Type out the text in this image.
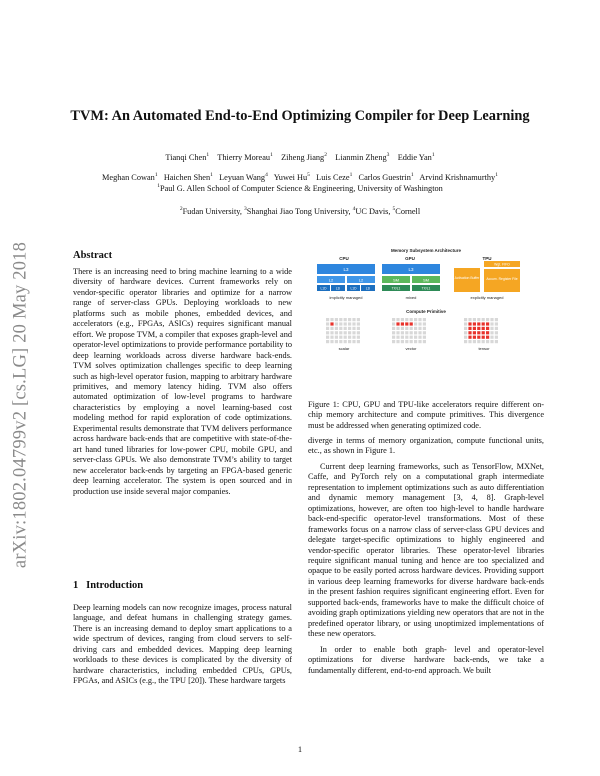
arXiv:1802.04799v2 [cs.LG] 20 May 2018
TVM: An Automated End-to-End Optimizing Compiler for Deep Learning
Tianqi Chen$^1$ Thierry Moreau$^1$ Ziheng Jiang$^2$ Lianmin Zheng$^3$ Eddie Yan$^1$
Meghan Cowan$^1$ Haichen Shen$^1$ Leyuan Wang$^4$ Yuwei Hu$^5$ Luis Ceze$^1$ Carlos Guestrin$^1$ Arvind Krishnamurthy$^1$
$^1$Paul G. Allen School of Computer Science & Engineering, University of Washington
$^2$Fudan University, $^3$Shanghai Jiao Tong University, $^4$UC Davis, $^5$Cornell
Abstract

There is an increasing need to bring machine learning to a wide diversity of hardware devices. Current frameworks rely on vendor-specific operator libraries and optimize for a narrow range of server-class GPUs. Deploying workloads to new platforms such as mobile phones, embedded devices, and accelerators (e.g., FPGAs, ASICs) requires significant manual effort. We propose TVM, a compiler that exposes graph-level and operator-level optimizations to provide performance portability to deep learning workloads across diverse hardware back-ends. TVM solves optimization challenges specific to deep learning such as high-level operator fusion, mapping to arbitrary hardware primitives, and memory latency hiding. TVM also offers automated optimization of low-level programs to hardware characteristics by employing a novel learning-based cost modeling method for rapid exploration of code optimizations. Experimental results demonstrate that TVM delivers performance across hardware back-ends that are competitive with state-of-the-art hand tuned libraries for low-power CPU, mobile GPU, and server-class GPUs. We also demonstrate TVM’s ability to target new accelerator back-ends by targeting an FPGA-based generic deep learning accelerator. The system is open sourced and in production use inside several major companies.

1 Introduction

Deep learning models can now recognize images, process natural language, and defeat humans in challenging strategy games. There is an increasing demand to deploy smart applications to a wide spectrum of devices, ranging from cloud servers to self-driving cars and embedded devices. Mapping deep learning workloads to these devices is complicated by the diversity of hardware characteristics, including embedded CPUs, GPUs, FPGAs, and ASICs (e.g., the TPU [20]). These hardware targets

Memory Subsystem Architecture
CPU	GPU	TPU
L3
L2	L2
L1D	L1I	L1D	L1I
implicitly managed
L3
SM	SM
TX/L1	TX/L1
mixed
Activation Buffer
Wgt. FIFO
Accum. Register File
explicitly managed
Compute Primitive
scalar	vector	tensor
Figure 1: CPU, GPU and TPU-like accelerators require different on-chip memory architecture and compute primitives. This divergence must be addressed when generating optimized code.

diverge in terms of memory organization, compute functional units, etc., as shown in Figure 1.

Current deep learning frameworks, such as TensorFlow, MXNet, Caffe, and PyTorch rely on a computational graph intermediate representation to implement optimizations such as auto differentiation and dynamic memory management [3, 4, 8]. Graph-level optimizations, however, are often too high-level to handle hardware back-end-specific operator-level transformations. Most of these frameworks focus on a narrow class of server-class GPU devices and delegate target-specific optimizations to highly engineered and vendor-specific operator libraries. These operator-level libraries require significant manual tuning and hence are too specialized and opaque to be easily ported across hardware devices. Providing support in various deep learning frameworks for diverse hardware back-ends in the present fashion requires significant engineering effort. Even for supported back-ends, frameworks have to make the difficult choice of avoiding graph optimizations yielding new operators that are not in the predefined operator library, or using unoptimized implementations of these new operators.

In order to enable both graph- level and operator-level optimizations for diverse hardware back-ends, we take a fundamentally different, end-to-end approach. We built

1
